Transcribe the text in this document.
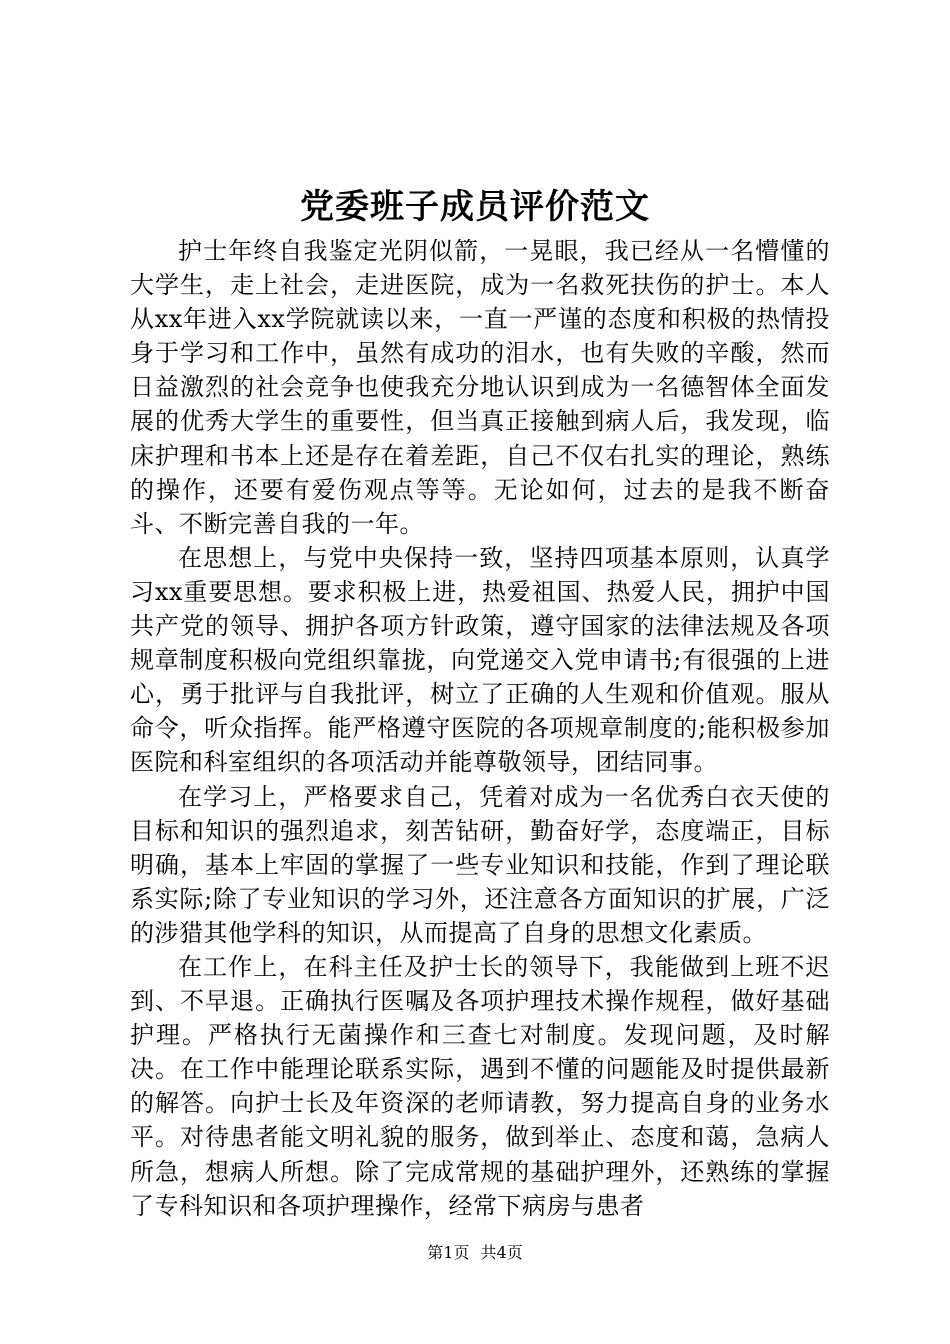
党委班子成员评价范文

护士年终自我鉴定光阴似箭，一晃眼，我已经从一名懵懂的大学生，走上社会，走进医院，成为一名救死扶伤的护士。本人从xx年进入xx学院就读以来，一直一严谨的态度和积极的热情投身于学习和工作中，虽然有成功的泪水，也有失败的辛酸，然而日益激烈的社会竞争也使我充分地认识到成为一名德智体全面发展的优秀大学生的重要性，但当真正接触到病人后，我发现，临床护理和书本上还是存在着差距，自己不仅右扎实的理论，熟练的操作，还要有爱伤观点等等。无论如何，过去的是我不断奋斗、不断完善自我的一年。

在思想上，与党中央保持一致，坚持四项基本原则，认真学习xx重要思想。要求积极上进，热爱祖国、热爱人民，拥护中国共产党的领导、拥护各项方针政策，遵守国家的法律法规及各项规章制度积极向党组织靠拢，向党递交入党申请书;有很强的上进心，勇于批评与自我批评，树立了正确的人生观和价值观。服从命令，听众指挥。能严格遵守医院的各项规章制度的;能积极参加医院和科室组织的各项活动并能尊敬领导，团结同事。

在学习上，严格要求自己，凭着对成为一名优秀白衣天使的目标和知识的强烈追求，刻苦钻研，勤奋好学，态度端正，目标明确，基本上牢固的掌握了一些专业知识和技能，作到了理论联系实际;除了专业知识的学习外，还注意各方面知识的扩展，广泛的涉猎其他学科的知识，从而提高了自身的思想文化素质。

在工作上，在科主任及护士长的领导下，我能做到上班不迟到、不早退。正确执行医嘱及各项护理技术操作规程，做好基础护理。严格执行无菌操作和三查七对制度。发现问题，及时解决。在工作中能理论联系实际，遇到不懂的问题能及时提供最新的解答。向护士长及年资深的老师请教，努力提高自身的业务水平。对待患者能文明礼貌的服务，做到举止、态度和蔼，急病人所急，想病人所想。除了完成常规的基础护理外，还熟练的掌握了专科知识和各项护理操作，经常下病房与患者

第1页 共4页
